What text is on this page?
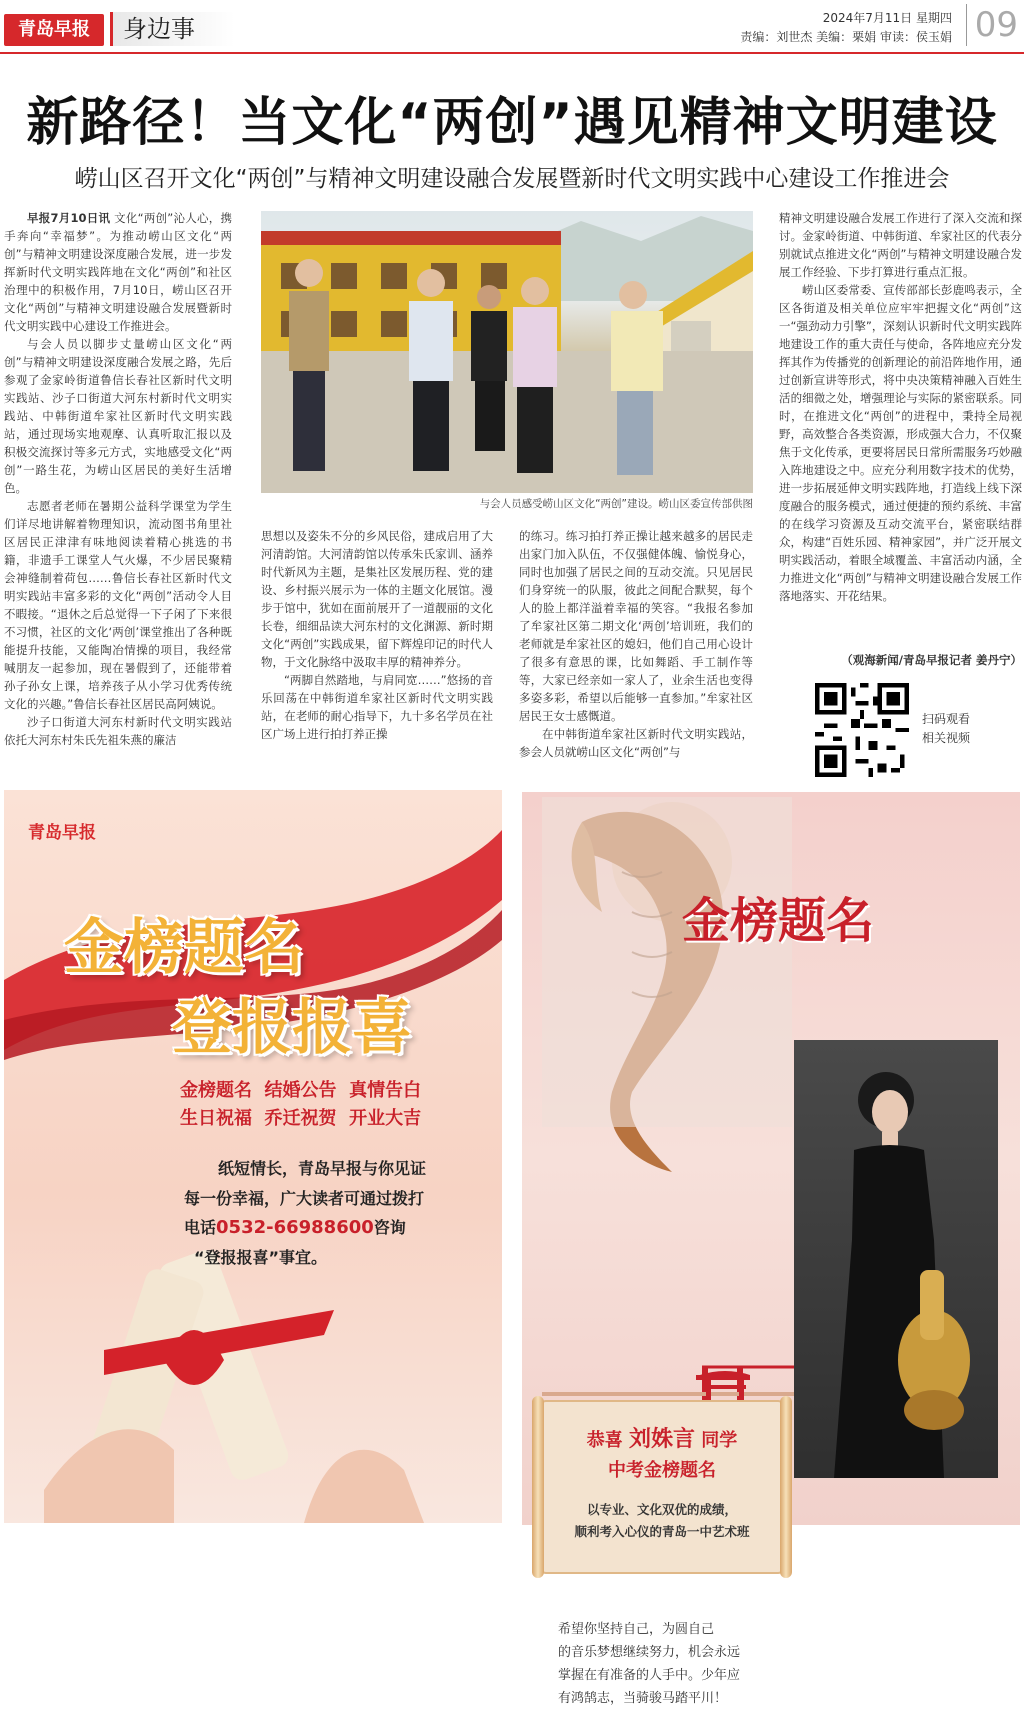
青岛早报	身边事	2024年7月11日 星期四
责编：刘世杰 美编：栗娟 审读：侯玉娟 09
新路径！当文化“两创”遇见精神文明建设
崂山区召开文化“两创”与精神文明建设融合发展暨新时代文明实践中心建设工作推进会

早报7月10日讯 文化“两创”沁人心，携手奔向“幸福梦”。为推动崂山区文化“两创”与精神文明建设深度融合发展，进一步发挥新时代文明实践阵地在文化“两创”和社区治理中的积极作用，7月10日，崂山区召开文化“两创”与精神文明建设融合发展暨新时代文明实践中心建设工作推进会。

与会人员以脚步丈量崂山区文化“两创”与精神文明建设深度融合发展之路，先后参观了金家岭街道鲁信长春社区新时代文明实践站、沙子口街道大河东村新时代文明实践站、中韩街道牟家社区新时代文明实践站，通过现场实地观摩、认真听取汇报以及积极交流探讨等多元方式，实地感受文化“两创”一路生花，为崂山区居民的美好生活增色。

志愿者老师在暑期公益科学课堂为学生们详尽地讲解着物理知识，流动图书角里社区居民正津津有味地阅读着精心挑选的书籍，非遗手工课堂人气火爆，不少居民聚精会神缝制着荷包……鲁信长春社区新时代文明实践站丰富多彩的文化“两创”活动令人目不暇接。“退休之后总觉得一下子闲了下来很不习惯，社区的文化‘两创’课堂推出了各种既能提升技能，又能陶冶情操的项目，我经常喊朋友一起参加，现在暑假到了，还能带着孙子孙女上课，培养孩子从小学习优秀传统文化的兴趣。”鲁信长春社区居民高阿姨说。

沙子口街道大河东村新时代文明实践站依托大河东村朱氏先祖朱燕的廉洁

与会人员感受崂山区文化“两创”建设。崂山区委宣传部供图

思想以及姿朱不分的乡风民俗，建成启用了大河清韵馆。大河清韵馆以传承朱氏家训、涵养时代新风为主题，是集社区发展历程、党的建设、乡村振兴展示为一体的主题文化展馆。漫步于馆中，犹如在面前展开了一道靓丽的文化长卷，细细品读大河东村的文化渊源、新时期文化“两创”实践成果，留下辉煌印记的时代人物，于文化脉络中汲取丰厚的精神养分。

“两脚自然踏地，与肩同宽……”悠扬的音乐回荡在中韩街道牟家社区新时代文明实践站，在老师的耐心指导下，九十多名学员在社区广场上进行拍打养正操

的练习。练习拍打养正操让越来越多的居民走出家门加入队伍，不仅强健体魄、愉悦身心，同时也加强了居民之间的互动交流。只见居民们身穿统一的队服，彼此之间配合默契，每个人的脸上都洋溢着幸福的笑容。“我报名参加了牟家社区第二期文化‘两创’培训班，我们的老师就是牟家社区的媳妇，他们自己用心设计了很多有意思的课，比如舞蹈、手工制作等等，大家已经亲如一家人了，业余生活也变得多姿多彩，希望以后能够一直参加。”牟家社区居民王女士感慨道。

在中韩街道牟家社区新时代文明实践站，参会人员就崂山区文化“两创”与

精神文明建设融合发展工作进行了深入交流和探讨。金家岭街道、中韩街道、牟家社区的代表分别就试点推进文化“两创”与精神文明建设融合发展工作经验、下步打算进行重点汇报。

崂山区委常委、宣传部部长彭鹿鸣表示，全区各街道及相关单位应牢牢把握文化“两创”这一“强劲动力引擎”，深刻认识新时代文明实践阵地建设工作的重大责任与使命，各阵地应充分发挥其作为传播党的创新理论的前沿阵地作用，通过创新宣讲等形式，将中央决策精神融入百姓生活的细微之处，增强理论与实际的紧密联系。同时，在推进文化“两创”的进程中，秉持全局视野，高效整合各类资源，形成强大合力，不仅聚焦于文化传承，更要将居民日常所需服务巧妙融入阵地建设之中。应充分利用数字技术的优势，进一步拓展延伸文明实践阵地，打造线上线下深度融合的服务模式，通过便捷的预约系统、丰富的在线学习资源及互动交流平台，紧密联结群众，构建“百姓乐园、精神家园”，并广泛开展文明实践活动，着眼全域覆盖、丰富活动内涵，全力推进文化“两创”与精神文明建设融合发展工作落地落实、开花结果。

（观海新闻/青岛早报记者 姜丹宁）
扫码观看
相关视频
青岛早报
金榜题名
登报报喜
金榜题名  结婚公告  真情告白
生日祝福  乔迁祝贺  开业大吉
纸短情长，青岛早报与你见证
每一份幸福，广大读者可通过拨打
电话0532-66988600咨询
“登报报喜”事宜。
金榜题名
恭喜 刘姝言 同学
中考金榜题名
以专业、文化双优的成绩，
顺利考入心仪的青岛一中艺术班
希望你坚持自己，为圆自己
的音乐梦想继续努力，机会永远
掌握在有准备的人手中。少年应
有鸿鹄志，当骑骏马踏平川！
